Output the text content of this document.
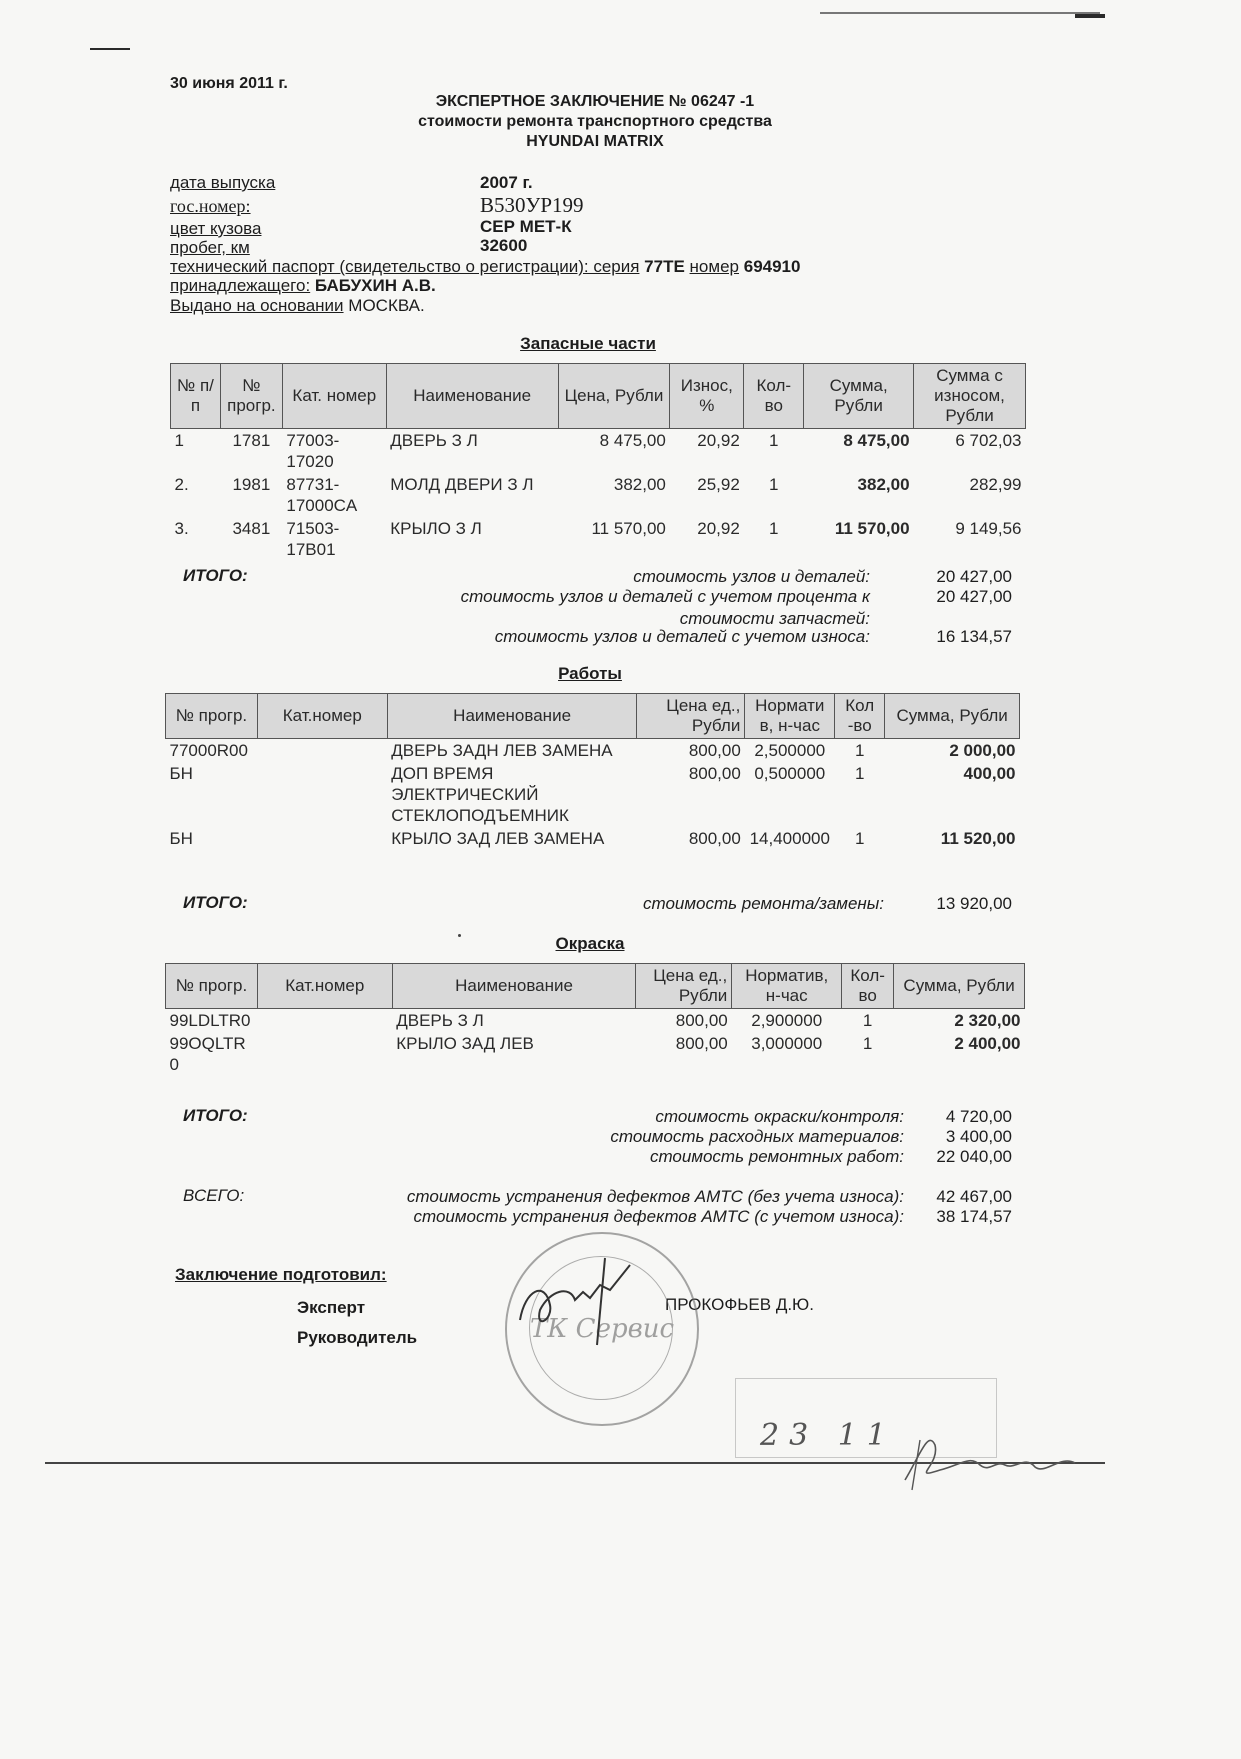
30 июня 2011 г.
ЭКСПЕРТНОЕ ЗАКЛЮЧЕНИЕ № 06247 -1
стоимости ремонта транспортного средства
HYUNDAI MATRIX
дата выпуска	2007 г.
гос.номер:	В530УР199
цвет кузова	СЕР МЕТ-К
пробег, км	32600
технический паспорт (свидетельство о регистрации): серия 77ТЕ номер 694910
принадлежащего: БАБУХИН А.В.
Выдано на основании МОСКВА.
Запасные части
№ п/п	№ прогр.	Кат. номер	Наименование	Цена, Рубли	Износ, %	Кол-во	Сумма, Рубли	Сумма с износом, Рубли
1	1781	77003-17020	ДВЕРЬ З Л	8 475,00	20,92	1	8 475,00	6 702,03
2.	1981	87731-17000CA	МОЛД ДВЕРИ З Л	382,00	25,92	1	382,00	282,99
3.	3481	71503-17B01	КРЫЛО З Л	11 570,00	20,92	1	11 570,00	9 149,56
ИТОГО:	стоимость узлов и деталей:	20 427,00
стоимость узлов и деталей с учетом процента к стоимости запчастей:
20 427,00
стоимость узлов и деталей с учетом износа:	16 134,57
Работы
№ прогр.	Кат.номер	Наименование	Цена ед., Рубли	Нормати в, н-час	Кол -во	Сумма, Рубли
77000R00		ДВЕРЬ ЗАДН ЛЕВ ЗАМЕНА	800,00	2,500000	1	2 000,00
БН		ДОП ВРЕМЯ ЭЛЕКТРИЧЕСКИЙ СТЕКЛОПОДЪЕМНИК	800,00	0,500000	1	400,00
БН		КРЫЛО ЗАД ЛЕВ ЗАМЕНА	800,00	14,400000	1	11 520,00
ИТОГО:	стоимость ремонта/замены:	13 920,00
Окраска
№ прогр.	Кат.номер	Наименование	Цена ед., Рубли	Норматив, н-час	Кол-во	Сумма, Рубли
99LDLTR0		ДВЕРЬ З Л	800,00	2,900000	1	2 320,00
99OQLTR0		КРЫЛО ЗАД ЛЕВ	800,00	3,000000	1	2 400,00
ИТОГО:	стоимость окраски/контроля:	4 720,00
стоимость расходных материалов:	3 400,00
стоимость ремонтных работ:	22 040,00
ВСЕГО:	стоимость устранения дефектов АМТС (без учета износа):	42 467,00
стоимость устранения дефектов АМТС (с учетом износа):	38 174,57
Заключение подготовил:
Эксперт	ПРОКОФЬЕВ Д.Ю.
Руководитель	ТК Сервис
23 11
